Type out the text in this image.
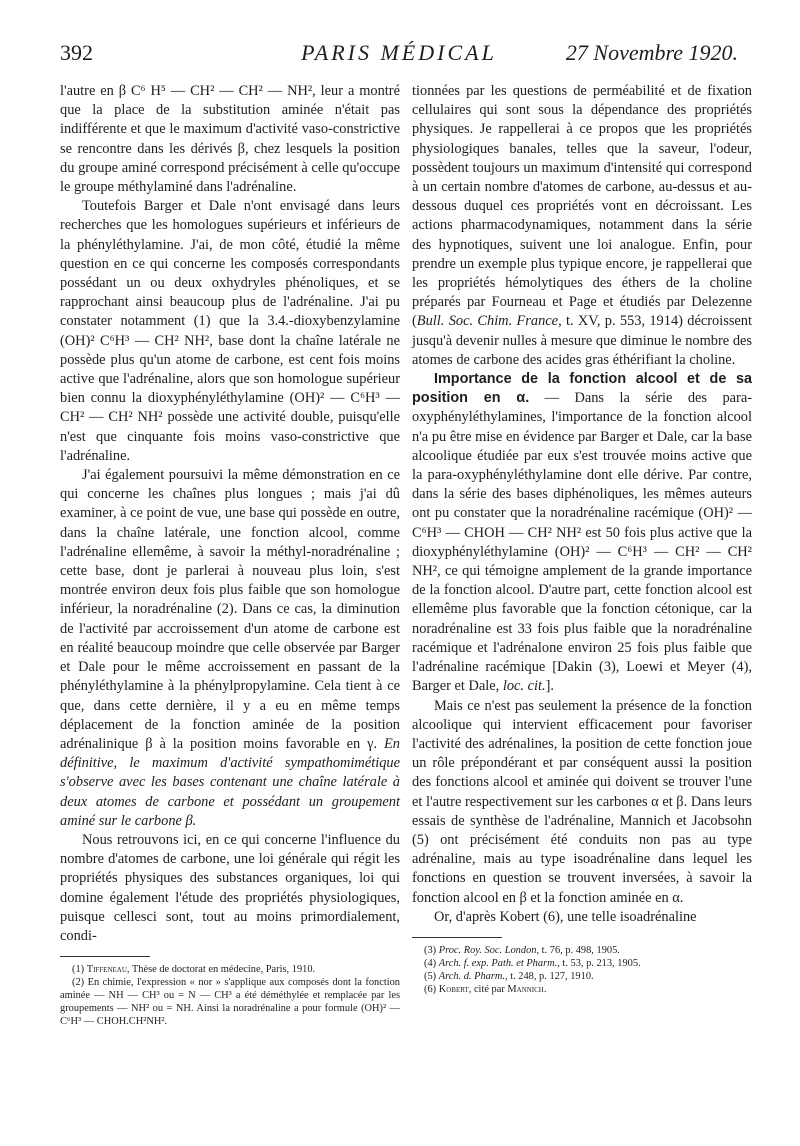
392	PARIS MÉDICAL	27 Novembre 1920.

l'autre en β C⁶ H⁵ — CH² — CH² — NH², leur a montré que la place de la substitution aminée n'était pas indifférente et que le maximum d'activité vaso-constrictive se rencontre dans les dérivés β, chez lesquels la position du groupe aminé correspond précisément à celle qu'occupe le groupe méthylaminé dans l'adrénaline.

Toutefois Barger et Dale n'ont envisagé dans leurs recherches que les homologues supérieurs et inférieurs de la phényléthylamine. J'ai, de mon côté, étudié la même question en ce qui concerne les composés correspondants possédant un ou deux oxhydryles phénoliques, et se rapprochant ainsi beaucoup plus de l'adrénaline. J'ai pu constater notamment (1) que la 3.4.-dioxybenzylamine (OH)² C⁶H³ — CH² NH², base dont la chaîne latérale ne possède plus qu'un atome de carbone, est cent fois moins active que l'adrénaline, alors que son homologue supérieur bien connu la dioxyphényléthylamine (OH)² — C⁶H³ — CH² — CH² NH² possède une activité double, puisqu'elle n'est que cinquante fois moins vaso-constrictive que l'adrénaline.

J'ai également poursuivi la même démonstration en ce qui concerne les chaînes plus longues ; mais j'ai dû examiner, à ce point de vue, une base qui possède en outre, dans la chaîne latérale, une fonction alcool, comme l'adrénaline ellemême, à savoir la méthyl-noradrénaline ; cette base, dont je parlerai à nouveau plus loin, s'est montrée environ deux fois plus faible que son homologue inférieur, la noradrénaline (2). Dans ce cas, la diminution de l'activité par accroissement d'un atome de carbone est en réalité beaucoup moindre que celle observée par Barger et Dale pour le même accroissement en passant de la phényléthylamine à la phénylpropylamine. Cela tient à ce que, dans cette dernière, il y a eu en même temps déplacement de la fonction aminée de la position adrénalinique β à la position moins favorable en γ. En définitive, le maximum d'activité sympathomimétique s'observe avec les bases contenant une chaîne latérale à deux atomes de carbone et possédant un groupement aminé sur le carbone β.

Nous retrouvons ici, en ce qui concerne l'influence du nombre d'atomes de carbone, une loi générale qui régit les propriétés physiques des substances organiques, loi qui domine également l'étude des propriétés physiologiques, puisque cellesci sont, tout au moins primordialement, condi-

(1) Tiffeneau, Thèse de doctorat en médecine, Paris, 1910.

(2) En chimie, l'expression « nor » s'applique aux composés dont la fonction aminée — NH — CH³ ou = N — CH³ a été déméthylée et remplacée par les groupements — NH² ou = NH. Ainsi la noradrénaline a pour formule (OH)² — C⁶H³ — CHOH.CH²NH².

tionnées par les questions de perméabilité et de fixation cellulaires qui sont sous la dépendance des propriétés physiques. Je rappellerai à ce propos que les propriétés physiologiques banales, telles que la saveur, l'odeur, possèdent toujours un maximum d'intensité qui correspond à un certain nombre d'atomes de carbone, au-dessus et au-dessous duquel ces propriétés vont en décroissant. Les actions pharmacodynamiques, notamment dans la série des hypnotiques, suivent une loi analogue. Enfin, pour prendre un exemple plus typique encore, je rappellerai que les propriétés hémolytiques des éthers de la choline préparés par Fourneau et Page et étudiés par Delezenne (Bull. Soc. Chim. France, t. XV, p. 553, 1914) décroissent jusqu'à devenir nulles à mesure que diminue le nombre des atomes de carbone des acides gras éthérifiant la choline.

Importance de la fonction alcool et de sa position en α. — Dans la série des para-oxyphényléthylamines, l'importance de la fonction alcool n'a pu être mise en évidence par Barger et Dale, car la base alcoolique étudiée par eux s'est trouvée moins active que la para-oxyphényléthylamine dont elle dérive. Par contre, dans la série des bases diphénoliques, les mêmes auteurs ont pu constater que la noradrénaline racémique (OH)² — C⁶H³ — CHOH — CH² NH² est 50 fois plus active que la dioxyphényléthylamine (OH)² — C⁶H³ — CH² — CH² NH², ce qui témoigne amplement de la grande importance de la fonction alcool. D'autre part, cette fonction alcool est ellemême plus favorable que la fonction cétonique, car la noradrénaline est 33 fois plus faible que la noradrénaline racémique et l'adrénalone environ 25 fois plus faible que l'adrénaline racémique [Dakin (3), Loewi et Meyer (4), Barger et Dale, loc. cit.].

Mais ce n'est pas seulement la présence de la fonction alcoolique qui intervient efficacement pour favoriser l'activité des adrénalines, la position de cette fonction joue un rôle prépondérant et par conséquent aussi la position des fonctions alcool et aminée qui doivent se trouver l'une et l'autre respectivement sur les carbones α et β. Dans leurs essais de synthèse de l'adrénaline, Mannich et Jacobsohn (5) ont précisément été conduits non pas au type adrénaline, mais au type isoadrénaline dans lequel les fonctions en question se trouvent inversées, à savoir la fonction alcool en β et la fonction aminée en α.

Or, d'après Kobert (6), une telle isoadrénaline

(3) Proc. Roy. Soc. London, t. 76, p. 498, 1905.

(4) Arch. f. exp. Path. et Pharm., t. 53, p. 213, 1905.

(5) Arch. d. Pharm., t. 248, p. 127, 1910.

(6) Kobert, cité par Mannich.
